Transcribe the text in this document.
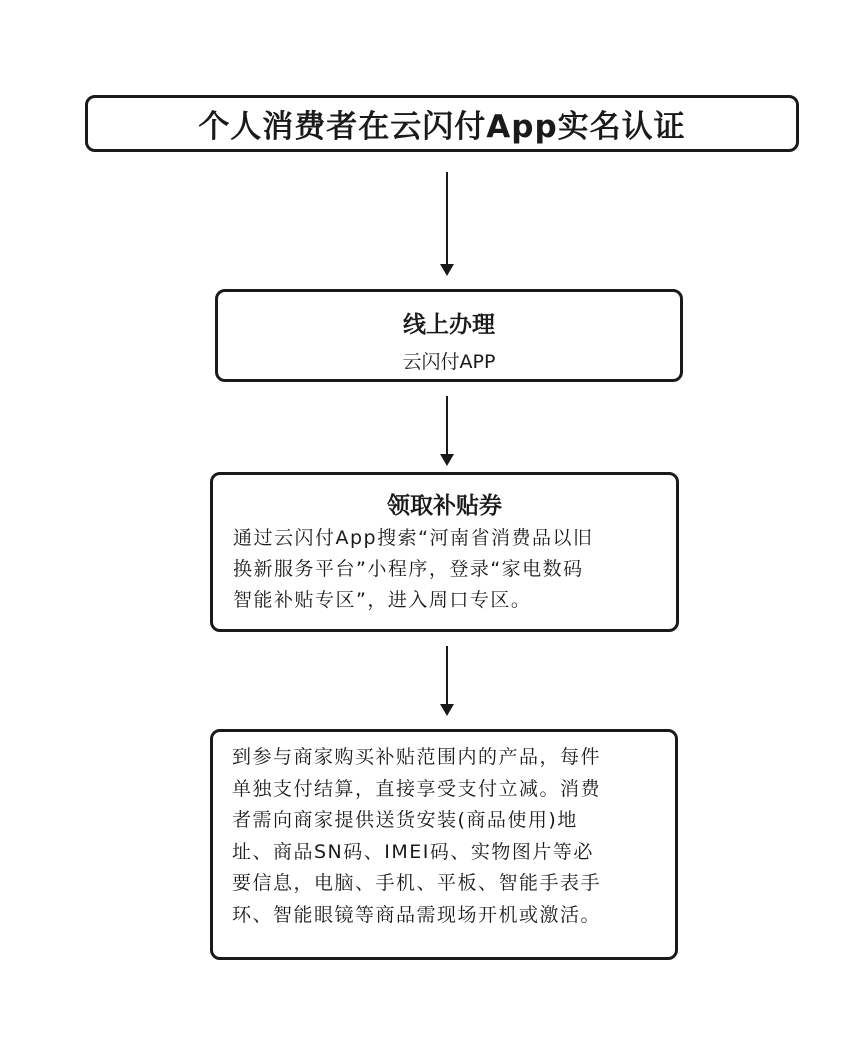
个人消费者在云闪付App实名认证
线上办理
云闪付APP
领取补贴券
通过云闪付App搜索“河南省消费品以旧
换新服务平台”小程序，登录“家电数码
智能补贴专区”，进入周口专区。
到参与商家购买补贴范围内的产品，每件
单独支付结算，直接享受支付立减。消费
者需向商家提供送货安装(商品使用)地
址、商品SN码、IMEI码、实物图片等必
要信息，电脑、手机、平板、智能手表手
环、智能眼镜等商品需现场开机或激活。
